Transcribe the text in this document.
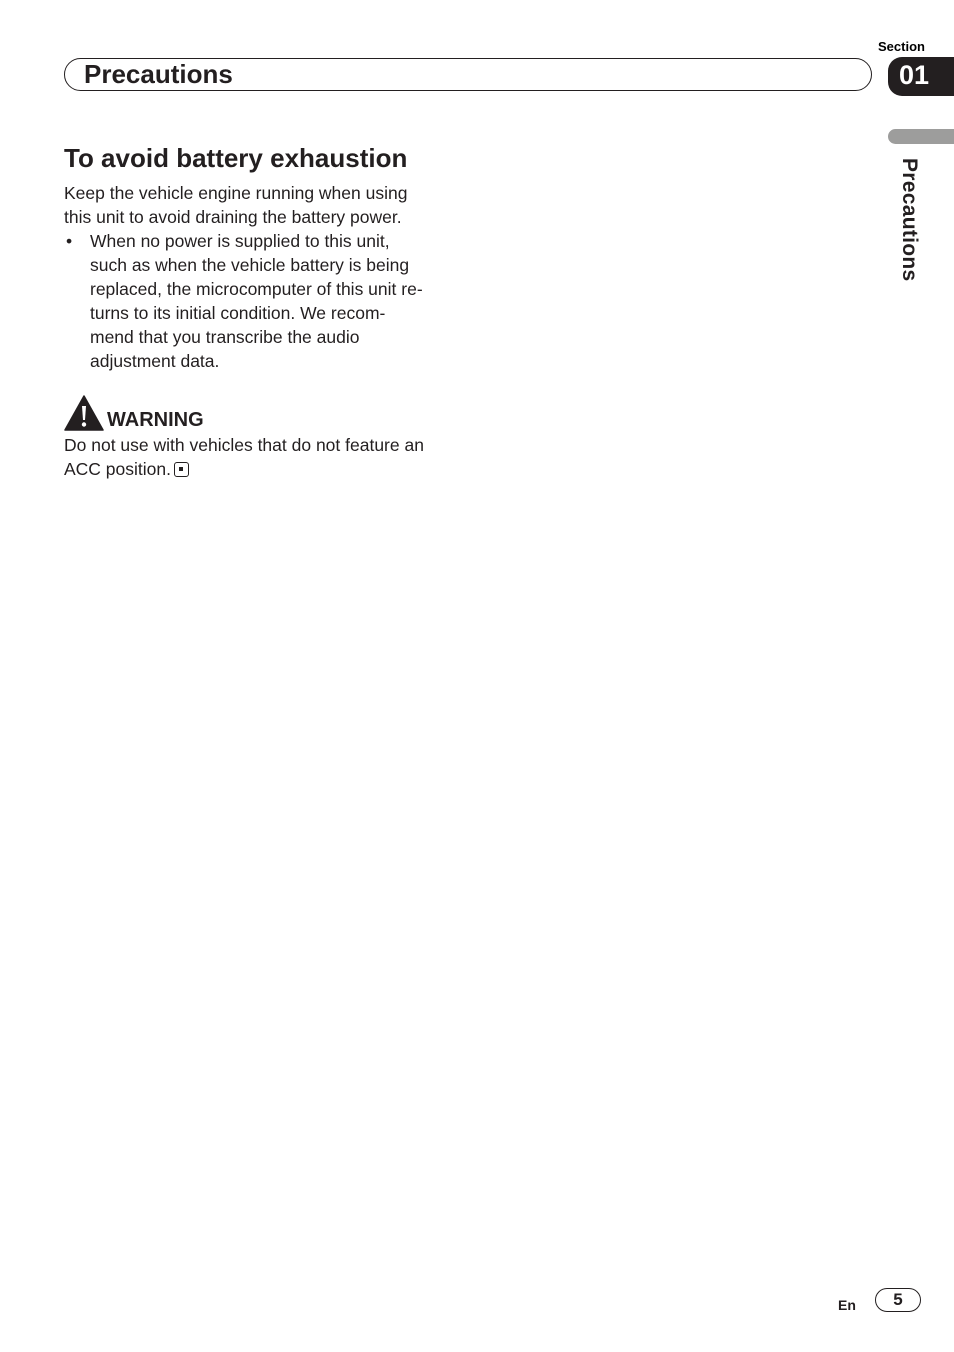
Section
01
Precautions
Precautions
To avoid battery exhaustion
Keep the vehicle engine running when using
this unit to avoid draining the battery power.
• When no power is supplied to this unit,
such as when the vehicle battery is being
replaced, the microcomputer of this unit re-
turns to its initial condition. We recom-
mend that you transcribe the audio
adjustment data.
WARNING
Do not use with vehicles that do not feature an
ACC position.
En	5
